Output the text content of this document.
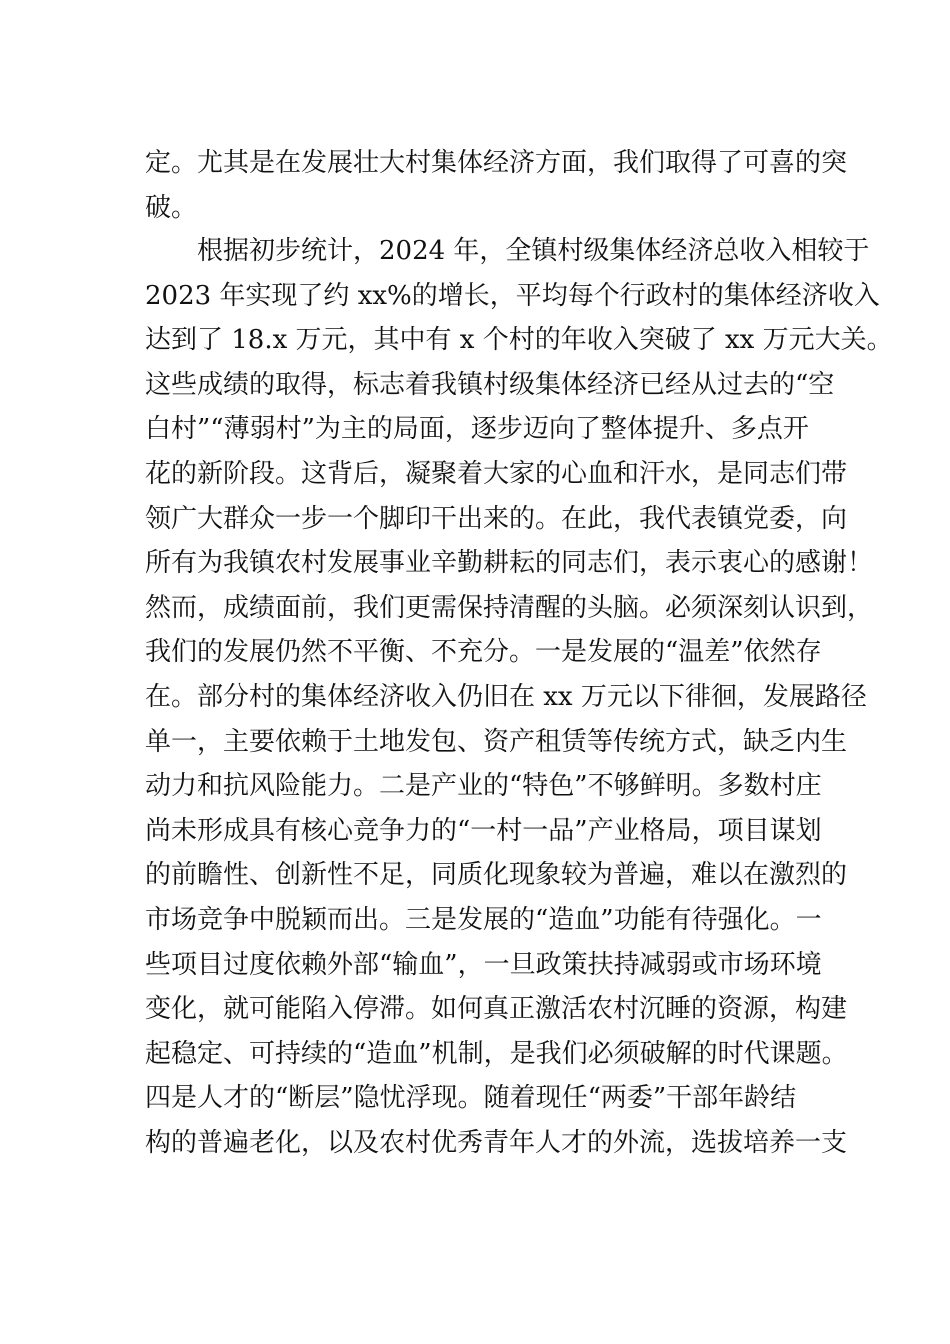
定。尤其是在发展壮大村集体经济方面，我们取得了可喜的突
破。
根据初步统计，2024 年，全镇村级集体经济总收入相较于
2023 年实现了约 xx%的增长，平均每个行政村的集体经济收入
达到了 18.x 万元，其中有 x 个村的年收入突破了 xx 万元大关。
这些成绩的取得，标志着我镇村级集体经济已经从过去的“空
白村”“薄弱村”为主的局面，逐步迈向了整体提升、多点开
花的新阶段。这背后，凝聚着大家的心血和汗水，是同志们带
领广大群众一步一个脚印干出来的。在此，我代表镇党委，向
所有为我镇农村发展事业辛勤耕耘的同志们，表示衷心的感谢！
然而，成绩面前，我们更需保持清醒的头脑。必须深刻认识到，
我们的发展仍然不平衡、不充分。一是发展的“温差”依然存
在。部分村的集体经济收入仍旧在 xx 万元以下徘徊，发展路径
单一，主要依赖于土地发包、资产租赁等传统方式，缺乏内生
动力和抗风险能力。二是产业的“特色”不够鲜明。多数村庄
尚未形成具有核心竞争力的“一村一品”产业格局，项目谋划
的前瞻性、创新性不足，同质化现象较为普遍，难以在激烈的
市场竞争中脱颖而出。三是发展的“造血”功能有待强化。一
些项目过度依赖外部“输血”，一旦政策扶持减弱或市场环境
变化，就可能陷入停滞。如何真正激活农村沉睡的资源，构建
起稳定、可持续的“造血”机制，是我们必须破解的时代课题。
四是人才的“断层”隐忧浮现。随着现任“两委”干部年龄结
构的普遍老化，以及农村优秀青年人才的外流，选拔培养一支
